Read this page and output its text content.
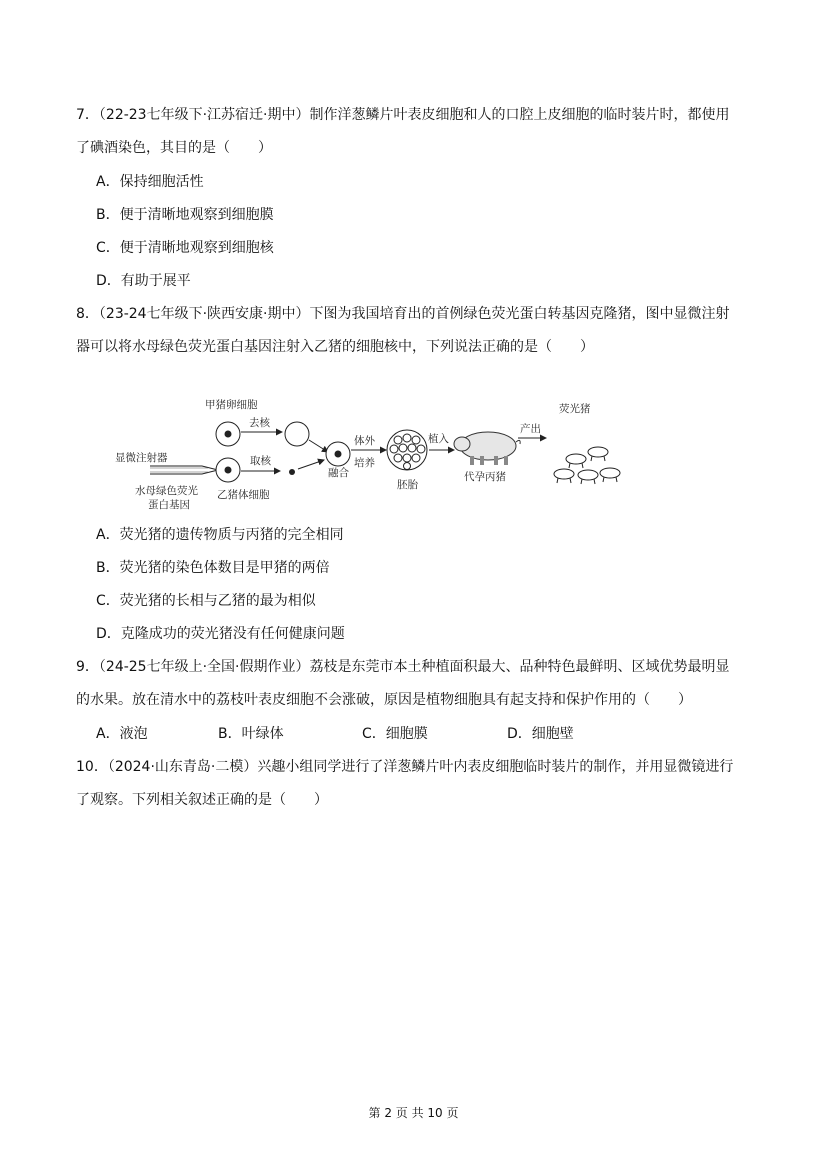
7．（22-23七年级下·江苏宿迁·期中）制作洋葱鳞片叶表皮细胞和人的口腔上皮细胞的临时装片时，都使用
了碘酒染色，其目的是（　　）
A．保持细胞活性
B．便于清晰地观察到细胞膜
C．便于清晰地观察到细胞核
D．有助于展平
8．（23-24七年级下·陕西安康·期中）下图为我国培育出的首例绿色荧光蛋白转基因克隆猪，图中显微注射
器可以将水母绿色荧光蛋白基因注射入乙猪的细胞核中，下列说法正确的是（　　）
甲猪卵细胞
去核
显微注射器
水母绿色荧光
蛋白基因
乙猪体细胞
取核
融合
体外
培养
胚胎
植入
代孕丙猪
产出
荧光猪
A．荧光猪的遗传物质与丙猪的完全相同
B．荧光猪的染色体数目是甲猪的两倍
C．荧光猪的长相与乙猪的最为相似
D．克隆成功的荧光猪没有任何健康问题
9．（24-25七年级上·全国·假期作业）荔枝是东莞市本土种植面积最大、品种特色最鲜明、区域优势最明显
的水果。放在清水中的荔枝叶表皮细胞不会涨破，原因是植物细胞具有起支持和保护作用的（　　）
A．液泡	B．叶绿体	C．细胞膜	D．细胞壁
10．（2024·山东青岛·二模）兴趣小组同学进行了洋葱鳞片叶内表皮细胞临时装片的制作，并用显微镜进行
了观察。下列相关叙述正确的是（　　）
第 2 页 共 10 页
